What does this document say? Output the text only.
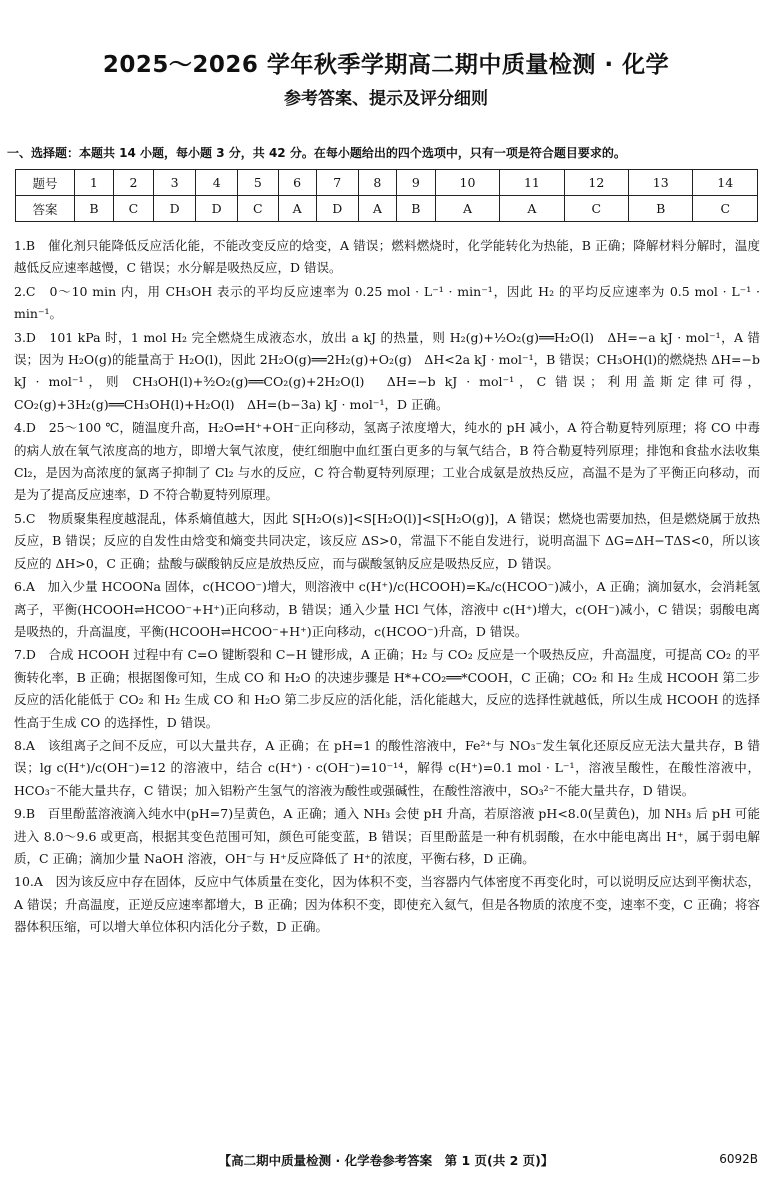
2025～2026 学年秋季学期高二期中质量检测 · 化学
参考答案、提示及评分细则
一、选择题：本题共 14 小题，每小题 3 分，共 42 分。在每小题给出的四个选项中，只有一项是符合题目要求的。
题号	1	2	3	4	5	6	7	8	9	10	11	12	13	14
答案	B	C	D	D	C	A	D	A	B	A	A	C	B	C

1.B　催化剂只能降低反应活化能，不能改变反应的焓变，A 错误；燃料燃烧时，化学能转化为热能，B 正确；降解材料分解时，温度越低反应速率越慢，C 错误；水分解是吸热反应，D 错误。

2.C　0～10 min 内，用 CH₃OH 表示的平均反应速率为 0.25 mol · L⁻¹ · min⁻¹，因此 H₂ 的平均反应速率为 0.5 mol · L⁻¹ · min⁻¹。

3.D　101 kPa 时，1 mol H₂ 完全燃烧生成液态水，放出 a kJ 的热量，则 H₂(g)+½O₂(g)══H₂O(l)　ΔH=−a kJ · mol⁻¹，A 错误；因为 H₂O(g)的能量高于 H₂O(l)，因此 2H₂O(g)══2H₂(g)+O₂(g)　ΔH<2a kJ · mol⁻¹，B 错误；CH₃OH(l)的燃烧热 ΔH=−b kJ · mol⁻¹，则 CH₃OH(l)+³⁄₂O₂(g)══CO₂(g)+2H₂O(l)　ΔH=−b kJ · mol⁻¹，C 错误；利用盖斯定律可得，CO₂(g)+3H₂(g)══CH₃OH(l)+H₂O(l)　ΔH=(b−3a) kJ · mol⁻¹，D 正确。

4.D　25～100 ℃，随温度升高，H₂O⇌H⁺+OH⁻正向移动，氢离子浓度增大，纯水的 pH 减小，A 符合勒夏特列原理；将 CO 中毒的病人放在氧气浓度高的地方，即增大氧气浓度，使红细胞中血红蛋白更多的与氧气结合，B 符合勒夏特列原理；排饱和食盐水法收集 Cl₂，是因为高浓度的氯离子抑制了 Cl₂ 与水的反应，C 符合勒夏特列原理；工业合成氨是放热反应，高温不是为了平衡正向移动，而是为了提高反应速率，D 不符合勒夏特列原理。

5.C　物质聚集程度越混乱，体系熵值越大，因此 S[H₂O(s)]<S[H₂O(l)]<S[H₂O(g)]，A 错误；燃烧也需要加热，但是燃烧属于放热反应，B 错误；反应的自发性由焓变和熵变共同决定，该反应 ΔS>0，常温下不能自发进行，说明高温下 ΔG=ΔH−TΔS<0，所以该反应的 ΔH>0，C 正确；盐酸与碳酸钠反应是放热反应，而与碳酸氢钠反应是吸热反应，D 错误。

6.A　加入少量 HCOONa 固体，c(HCOO⁻)增大，则溶液中 c(H⁺)/c(HCOOH)=Kₐ/c(HCOO⁻)减小，A 正确；滴加氨水，会消耗氢离子，平衡(HCOOH⇌HCOO⁻+H⁺)正向移动，B 错误；通入少量 HCl 气体，溶液中 c(H⁺)增大，c(OH⁻)减小，C 错误；弱酸电离是吸热的，升高温度，平衡(HCOOH⇌HCOO⁻+H⁺)正向移动，c(HCOO⁻)升高，D 错误。

7.D　合成 HCOOH 过程中有 C=O 键断裂和 C−H 键形成，A 正确；H₂ 与 CO₂ 反应是一个吸热反应，升高温度，可提高 CO₂ 的平衡转化率，B 正确；根据图像可知，生成 CO 和 H₂O 的决速步骤是 H*+CO₂══*COOH，C 正确；CO₂ 和 H₂ 生成 HCOOH 第二步反应的活化能低于 CO₂ 和 H₂ 生成 CO 和 H₂O 第二步反应的活化能，活化能越大，反应的选择性就越低，所以生成 HCOOH 的选择性高于生成 CO 的选择性，D 错误。

8.A　该组离子之间不反应，可以大量共存，A 正确；在 pH=1 的酸性溶液中，Fe²⁺与 NO₃⁻发生氧化还原反应无法大量共存，B 错误；lg c(H⁺)/c(OH⁻)=12 的溶液中，结合 c(H⁺) · c(OH⁻)=10⁻¹⁴，解得 c(H⁺)=0.1 mol · L⁻¹，溶液呈酸性，在酸性溶液中，HCO₃⁻不能大量共存，C 错误；加入铝粉产生氢气的溶液为酸性或强碱性，在酸性溶液中，SO₃²⁻不能大量共存，D 错误。

9.B　百里酚蓝溶液滴入纯水中(pH=7)呈黄色，A 正确；通入 NH₃ 会使 pH 升高，若原溶液 pH<8.0(呈黄色)，加 NH₃ 后 pH 可能进入 8.0～9.6 或更高，根据其变色范围可知，颜色可能变蓝，B 错误；百里酚蓝是一种有机弱酸，在水中能电离出 H⁺，属于弱电解质，C 正确；滴加少量 NaOH 溶液，OH⁻与 H⁺反应降低了 H⁺的浓度，平衡右移，D 正确。

10.A　因为该反应中存在固体，反应中气体质量在变化，因为体积不变，当容器内气体密度不再变化时，可以说明反应达到平衡状态，A 错误；升高温度，正逆反应速率都增大，B 正确；因为体积不变，即使充入氦气，但是各物质的浓度不变，速率不变，C 正确；将容器体积压缩，可以增大单位体积内活化分子数，D 正确。

【高二期中质量检测 · 化学卷参考答案　第 1 页(共 2 页)】	6092B
